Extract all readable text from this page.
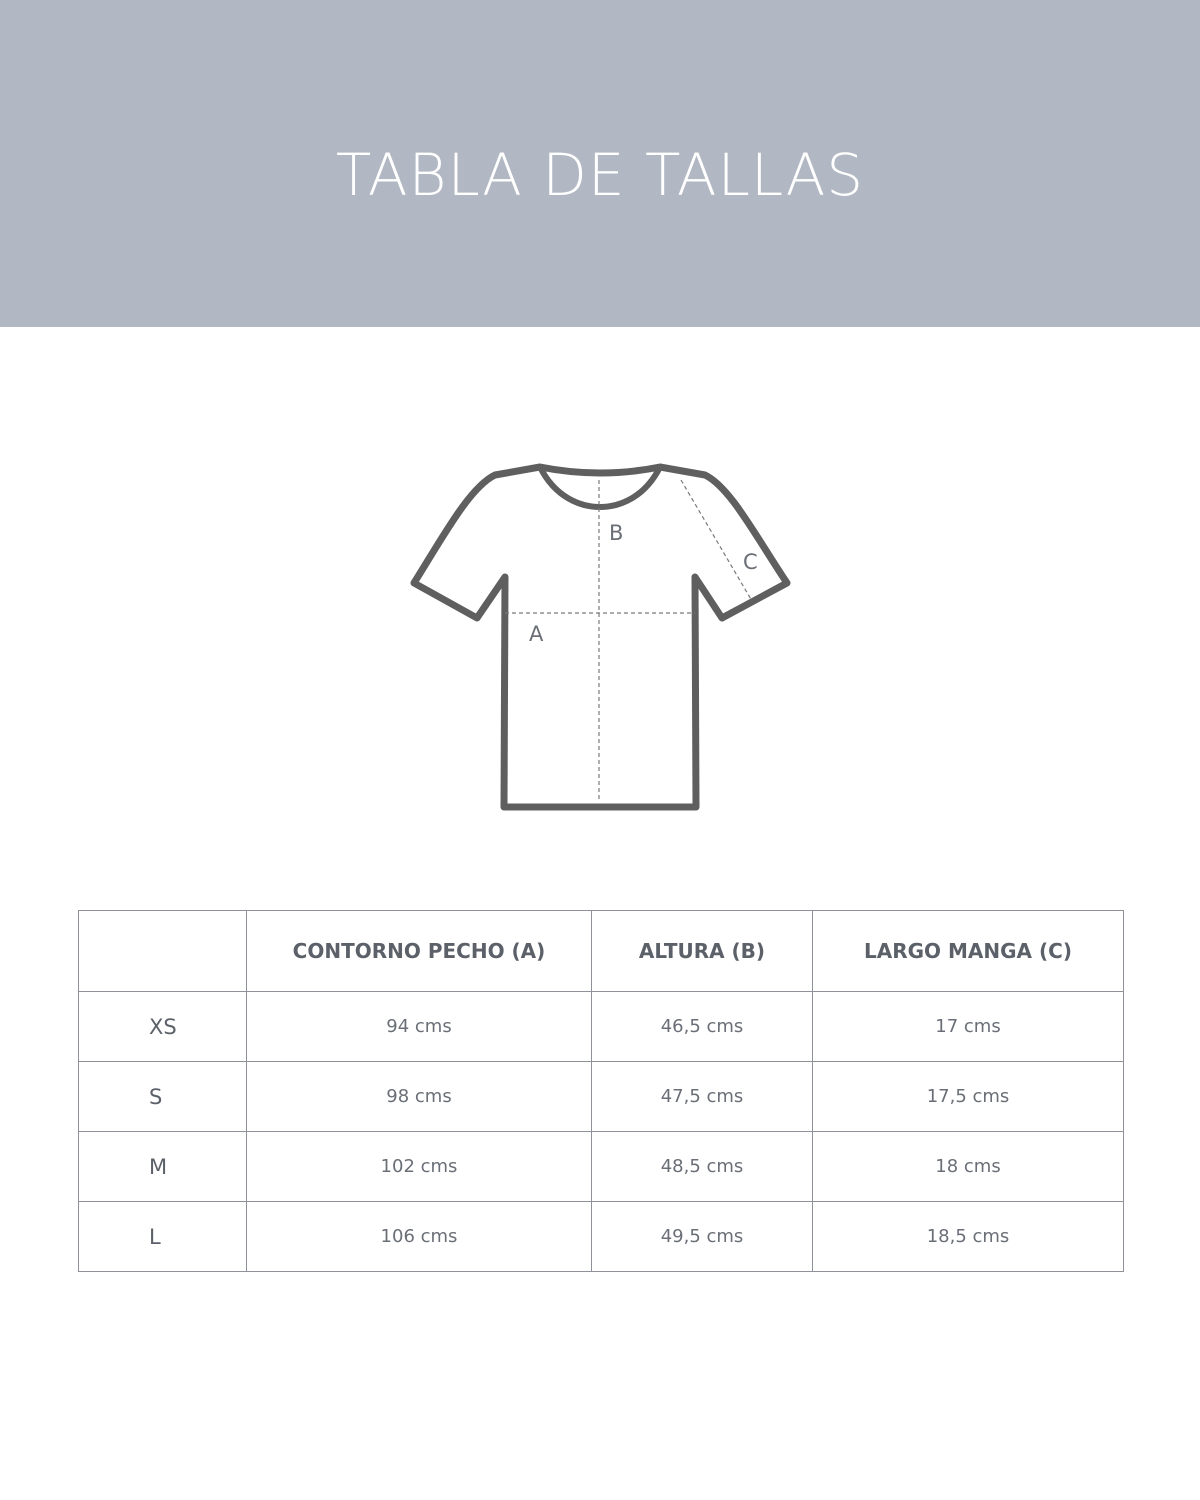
TABLA DE TALLAS
A
B
C
	CONTORNO PECHO (A)	ALTURA (B)	LARGO MANGA (C)
XS	94 cms	46,5 cms	17 cms
S	98 cms	47,5 cms	17,5 cms
M	102 cms	48,5 cms	18 cms
L	106 cms	49,5 cms	18,5 cms
